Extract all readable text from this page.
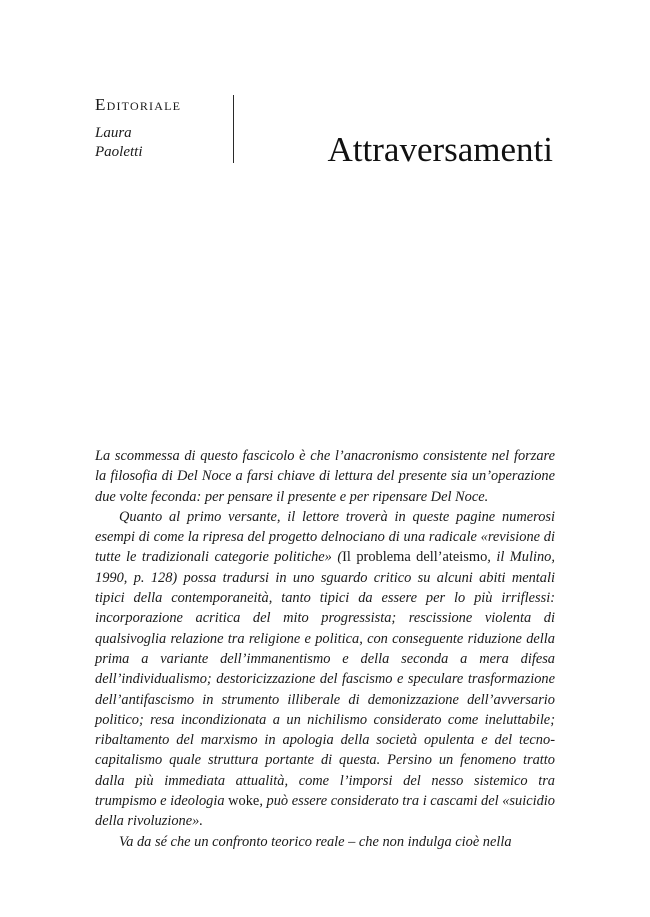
Editoriale
Laura
Paoletti	Attraversamenti

La scommessa di questo fascicolo è che l’anacronismo consistente nel forzare la filosofia di Del Noce a farsi chiave di lettura del presente sia un’operazione due volte feconda: per pensare il presente e per ripensare Del Noce.

Quanto al primo versante, il lettore troverà in queste pagine numerosi esempi di come la ripresa del progetto delnociano di una radicale «revisione di tutte le tradizionali categorie politiche» (Il problema dell’ateismo, il Mulino, 1990, p. 128) possa tradursi in uno sguardo critico su alcuni abiti mentali tipici della contemporaneità, tanto tipici da essere per lo più irriflessi: incorporazione acritica del mito progressista; rescissione violenta di qualsivoglia relazione tra religione e politica, con conseguente riduzione della prima a variante dell’immanentismo e della seconda a mera difesa dell’individualismo; destoricizzazione del fascismo e speculare trasformazione dell’antifascismo in strumento illiberale di demonizzazione dell’avversario politico; resa incondizionata a un nichilismo considerato come ineluttabile; ribaltamento del marxismo in apologia della società opulenta e del tecno-capitalismo quale struttura portante di questa. Persino un fenomeno tratto dalla più immediata attualità, come l’imporsi del nesso sistemico tra trumpismo e ideologia woke, può essere considerato tra i cascami del «suicidio della rivoluzione».

Va da sé che un confronto teorico reale – che non indulga cioè nella
